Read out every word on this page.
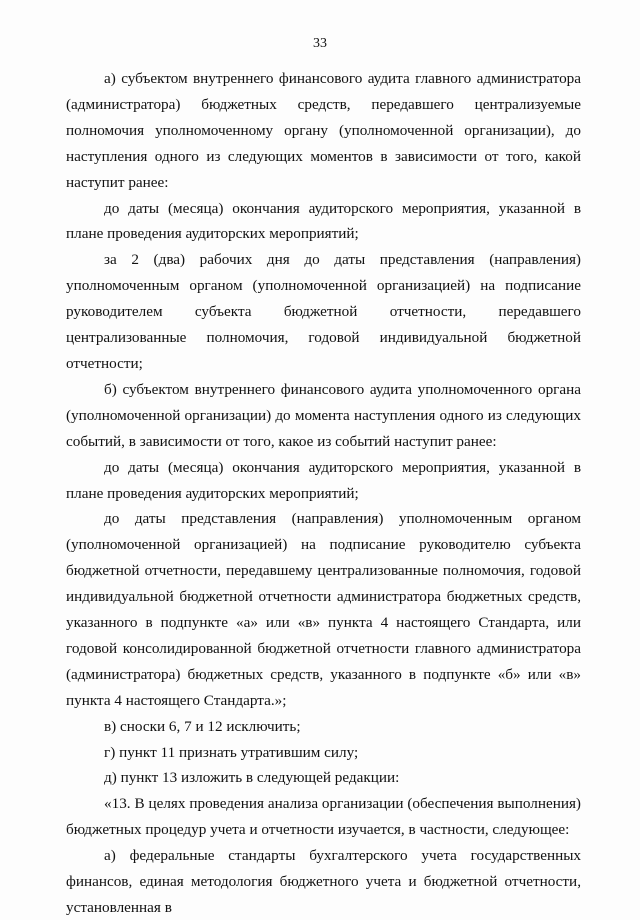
33

а) субъектом внутреннего финансового аудита главного администратора (администратора) бюджетных средств, передавшего централизуемые полномочия уполномоченному органу (уполномоченной организации), до наступления одного из следующих моментов в зависимости от того, какой наступит ранее:

до даты (месяца) окончания аудиторского мероприятия, указанной в плане проведения аудиторских мероприятий;

за 2 (два) рабочих дня до даты представления (направления) уполномоченным органом (уполномоченной организацией) на подписание руководителем субъекта бюджетной отчетности, передавшего централизованные полномочия, годовой индивидуальной бюджетной отчетности;

б) субъектом внутреннего финансового аудита уполномоченного органа (уполномоченной организации) до момента наступления одного из следующих событий, в зависимости от того, какое из событий наступит ранее:

до даты (месяца) окончания аудиторского мероприятия, указанной в плане проведения аудиторских мероприятий;

до даты представления (направления) уполномоченным органом (уполномоченной организацией) на подписание руководителю субъекта бюджетной отчетности, передавшему централизованные полномочия, годовой индивидуальной бюджетной отчетности администратора бюджетных средств, указанного в подпункте «а» или «в» пункта 4 настоящего Стандарта, или годовой консолидированной бюджетной отчетности главного администратора (администратора) бюджетных средств, указанного в подпункте «б» или «в» пункта 4 настоящего Стандарта.»;

в) сноски 6, 7 и 12 исключить;

г) пункт 11 признать утратившим силу;

д) пункт 13 изложить в следующей редакции:

«13. В целях проведения анализа организации (обеспечения выполнения) бюджетных процедур учета и отчетности изучается, в частности, следующее:

а) федеральные стандарты бухгалтерского учета государственных финансов, единая методология бюджетного учета и бюджетной отчетности, установленная в
